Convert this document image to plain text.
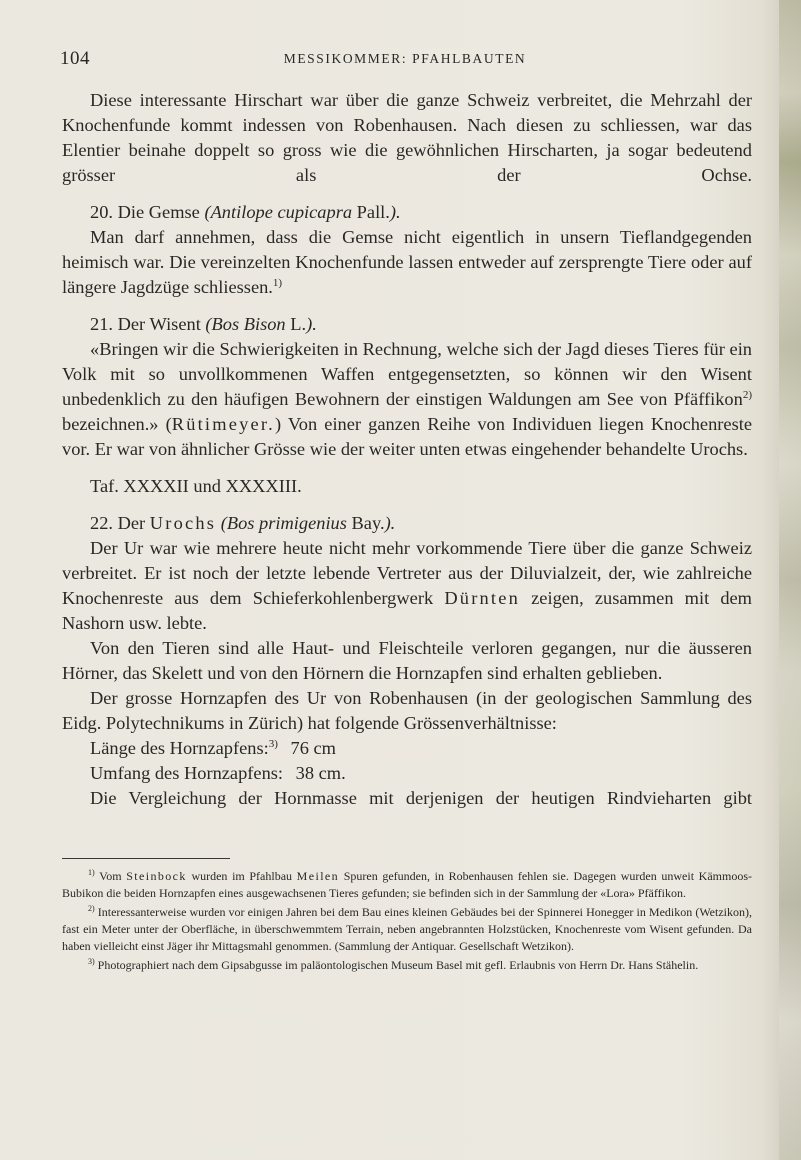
104	MESSIKOMMER: PFAHLBAUTEN

Diese interessante Hirschart war über die ganze Schweiz verbreitet, die Mehrzahl der Knochenfunde kommt indessen von Robenhausen. Nach diesen zu schliessen, war das Elentier beinahe doppelt so gross wie die gewöhnlichen Hirscharten, ja sogar bedeutend grösser als der Ochse.

20. Die Gemse (Antilope cupicapra Pall.).

Man darf annehmen, dass die Gemse nicht eigentlich in unsern Tieflandgegenden heimisch war. Die vereinzelten Knochenfunde lassen entweder auf zersprengte Tiere oder auf längere Jagdzüge schliessen.$^{1)}$

21. Der Wisent (Bos Bison L.).

«Bringen wir die Schwierigkeiten in Rechnung, welche sich der Jagd dieses Tieres für ein Volk mit so unvollkommenen Waffen entgegensetzten, so können wir den Wisent unbedenklich zu den häufigen Bewohnern der einstigen Waldungen am See von Pfäffikon$^{2)}$ bezeichnen.» (Rütimeyer.) Von einer ganzen Reihe von Individuen liegen Knochenreste vor. Er war von ähnlicher Grösse wie der weiter unten etwas eingehender behandelte Urochs.

Taf. XXXXII und XXXXIII.

22. Der Urochs (Bos primigenius Bay.).

Der Ur war wie mehrere heute nicht mehr vorkommende Tiere über die ganze Schweiz verbreitet. Er ist noch der letzte lebende Vertreter aus der Diluvialzeit, der, wie zahlreiche Knochenreste aus dem Schieferkohlenbergwerk Dürnten zeigen, zusammen mit dem Nashorn usw. lebte.

Von den Tieren sind alle Haut- und Fleischteile verloren gegangen, nur die äusseren Hörner, das Skelett und von den Hörnern die Hornzapfen sind erhalten geblieben.

Der grosse Hornzapfen des Ur von Robenhausen (in der geologischen Sammlung des Eidg. Polytechnikums in Zürich) hat folgende Grössenverhältnisse:

Länge des Hornzapfens:$^{3)}$ 76 cm

Umfang des Hornzapfens: 38 cm.

Die Vergleichung der Hornmasse mit derjenigen der heutigen Rindvieharten gibt

$^{1)}$ Vom Steinbock wurden im Pfahlbau Meilen Spuren gefunden, in Robenhausen fehlen sie. Dagegen wurden unweit Kämmoos-Bubikon die beiden Hornzapfen eines ausgewachsenen Tieres gefunden; sie befinden sich in der Sammlung der «Lora» Pfäffikon.

$^{2)}$ Interessanterweise wurden vor einigen Jahren bei dem Bau eines kleinen Gebäudes bei der Spinnerei Honegger in Medikon (Wetzikon), fast ein Meter unter der Oberfläche, in überschwemmtem Terrain, neben angebrannten Holzstücken, Knochenreste vom Wisent gefunden. Da haben vielleicht einst Jäger ihr Mittagsmahl genommen. (Sammlung der Antiquar. Gesellschaft Wetzikon).

$^{3)}$ Photographiert nach dem Gipsabgusse im paläontologischen Museum Basel mit gefl. Erlaubnis von Herrn Dr. Hans Stähelin.
